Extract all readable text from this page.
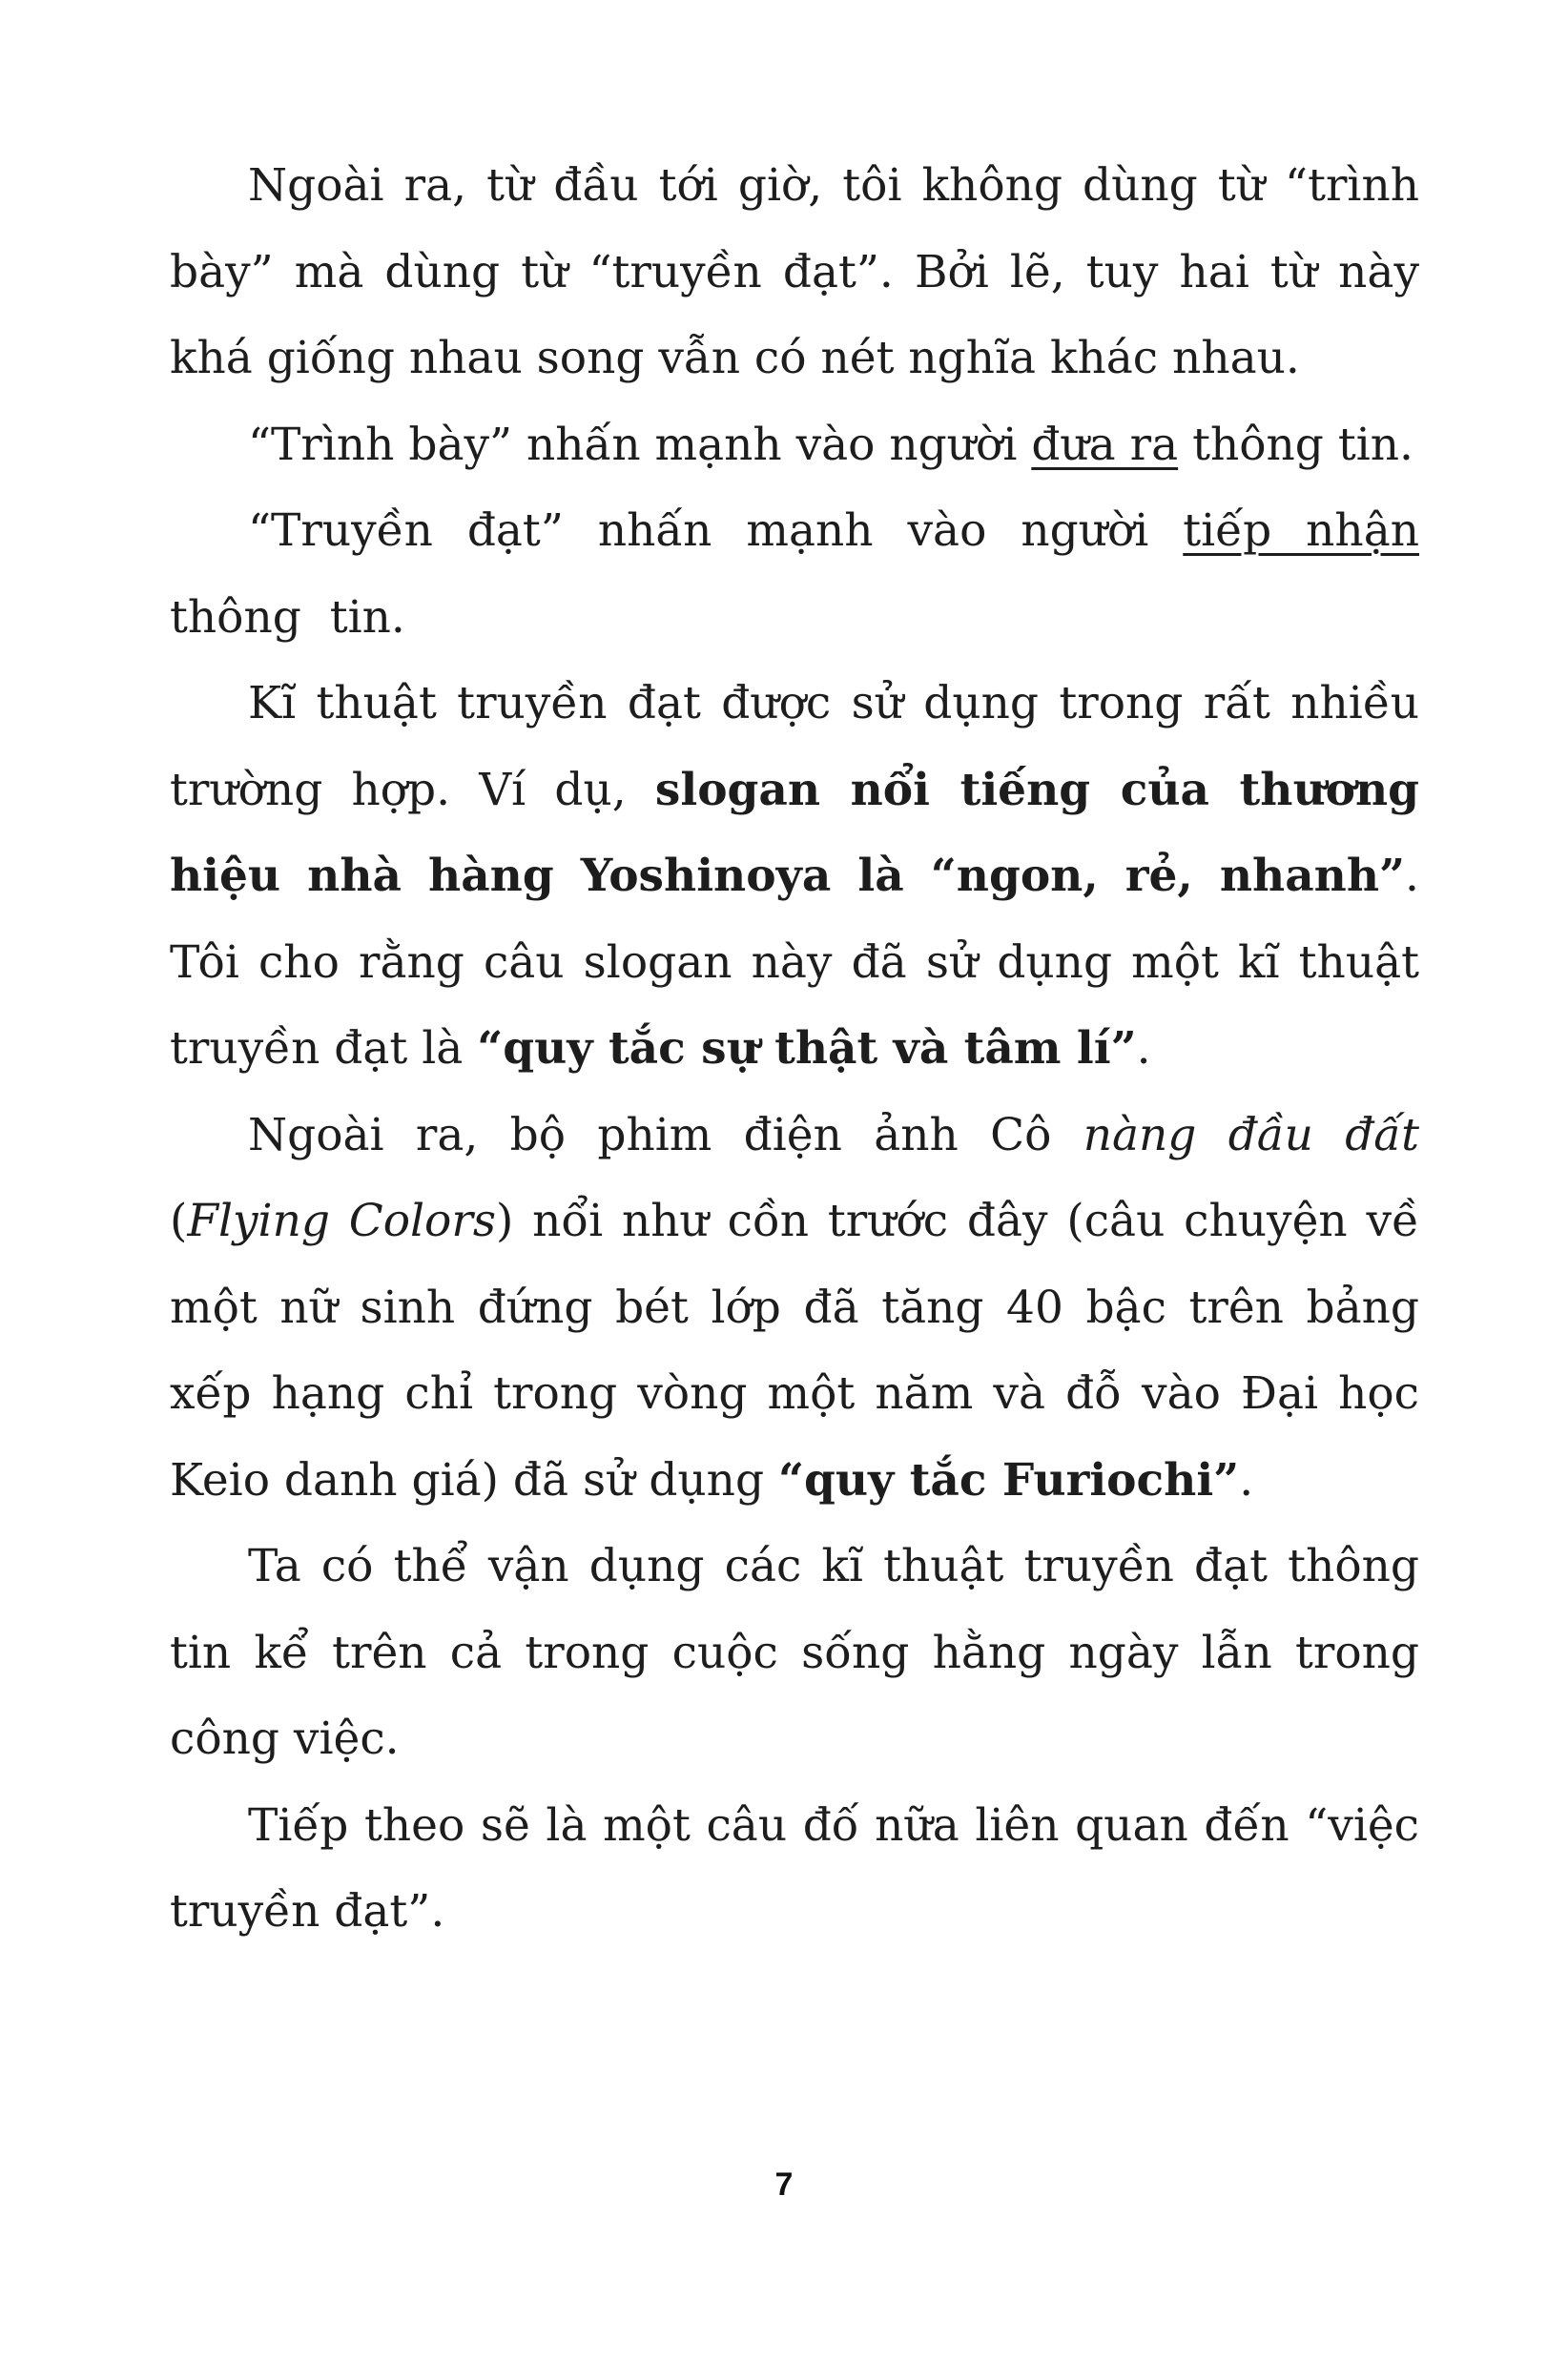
Ngoài ra, từ đầu tới giờ, tôi không dùng từ “trình bày” mà dùng từ “truyền đạt”. Bởi lẽ, tuy hai từ này khá giống nhau song vẫn có nét nghĩa khác nhau.

“Trình bày” nhấn mạnh vào người đưa ra thông tin.

“Truyền đạt” nhấn mạnh vào người tiếp nhận thông  tin.

Kĩ thuật truyền đạt được sử dụng trong rất nhiều trường hợp. Ví dụ, slogan nổi tiếng của thương hiệu nhà hàng Yoshinoya là “ngon, rẻ, nhanh”. Tôi cho rằng câu slogan này đã sử dụng một kĩ thuật truyền đạt là “quy tắc sự thật và tâm lí”.

Ngoài ra, bộ phim điện ảnh Cô nàng đầu đất (Flying Colors) nổi như cồn trước đây (câu chuyện về một nữ sinh đứng bét lớp đã tăng 40 bậc trên bảng xếp hạng chỉ trong vòng một năm và đỗ vào Đại học Keio danh giá) đã sử dụng “quy tắc Furiochi”.

Ta có thể vận dụng các kĩ thuật truyền đạt thông tin kể trên cả trong cuộc sống hằng ngày lẫn trong công việc.

Tiếp theo sẽ là một câu đố nữa liên quan đến “việc truyền đạt”.

7
